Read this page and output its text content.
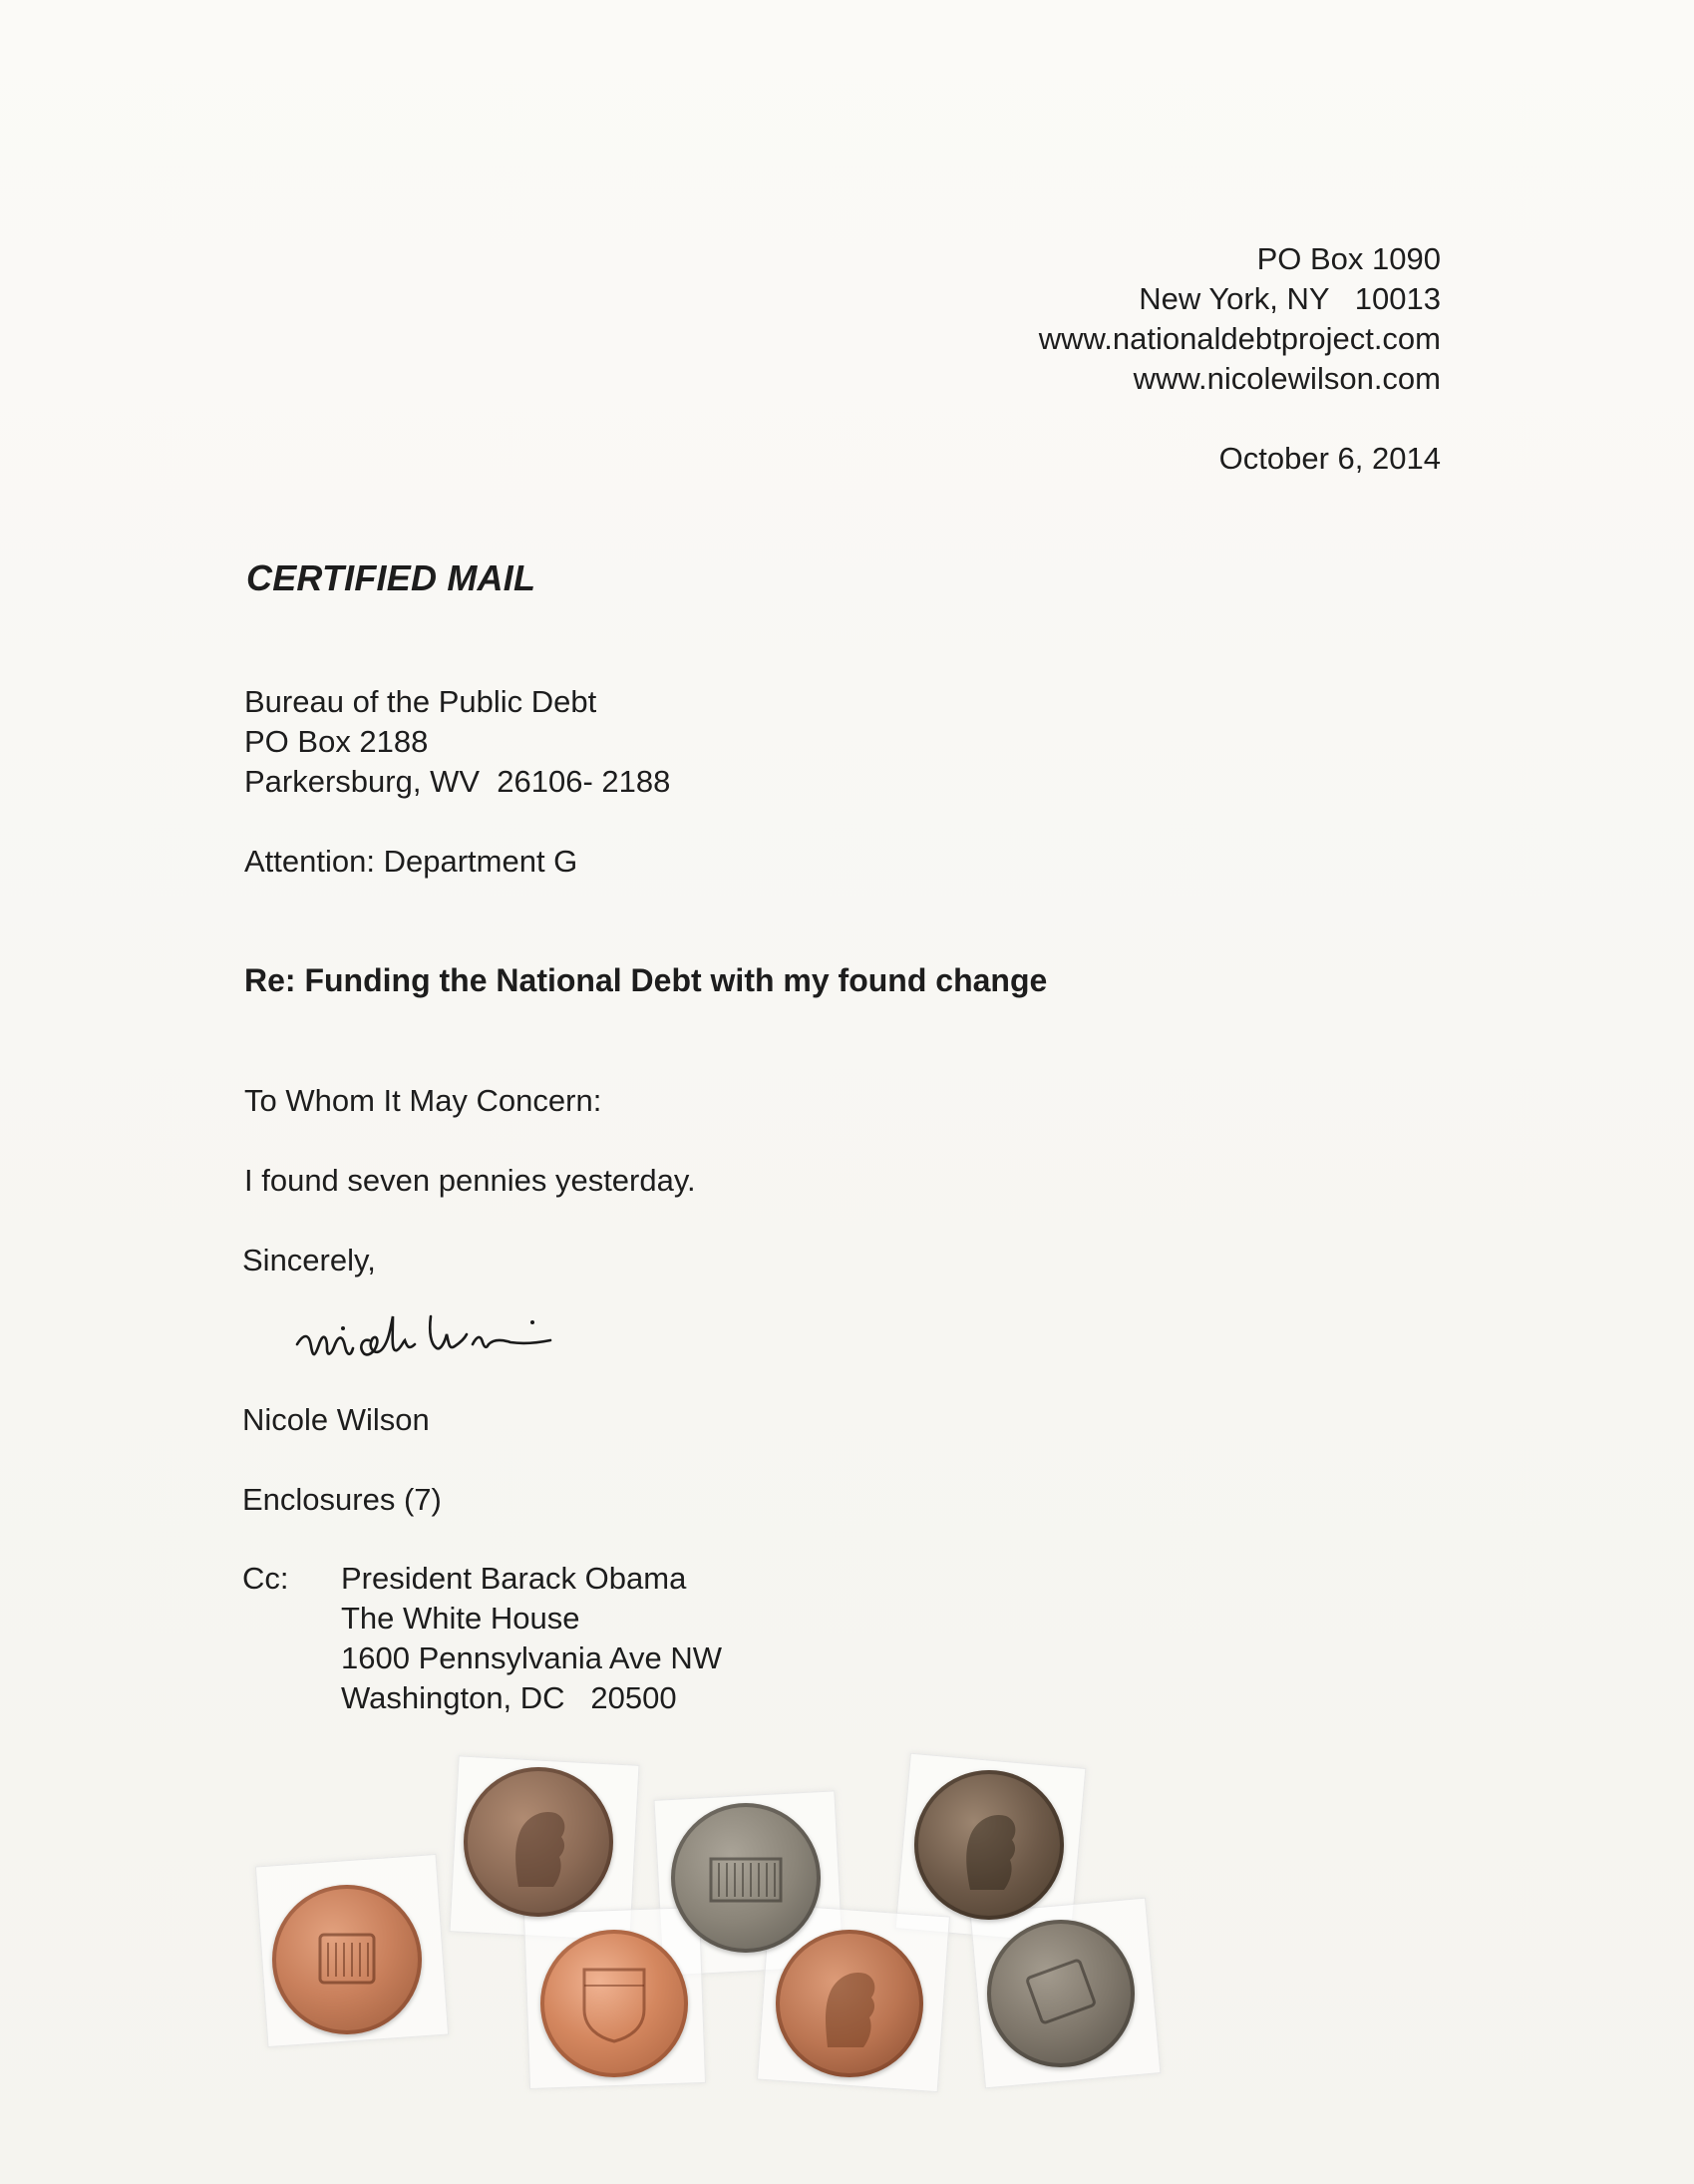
PO Box 1090
New York, NY   10013
www.nationaldebtproject.com
www.nicolewilson.com
October 6, 2014
CERTIFIED MAIL
Bureau of the Public Debt
PO Box 2188
Parkersburg, WV  26106- 2188
Attention: Department G
Re: Funding the National Debt with my found change
To Whom It May Concern:
I found seven pennies yesterday.
Sincerely,
Nicole Wilson
Enclosures (7)
Cc: President Barack Obama
The White House
1600 Pennsylvania Ave NW
Washington, DC   20500
